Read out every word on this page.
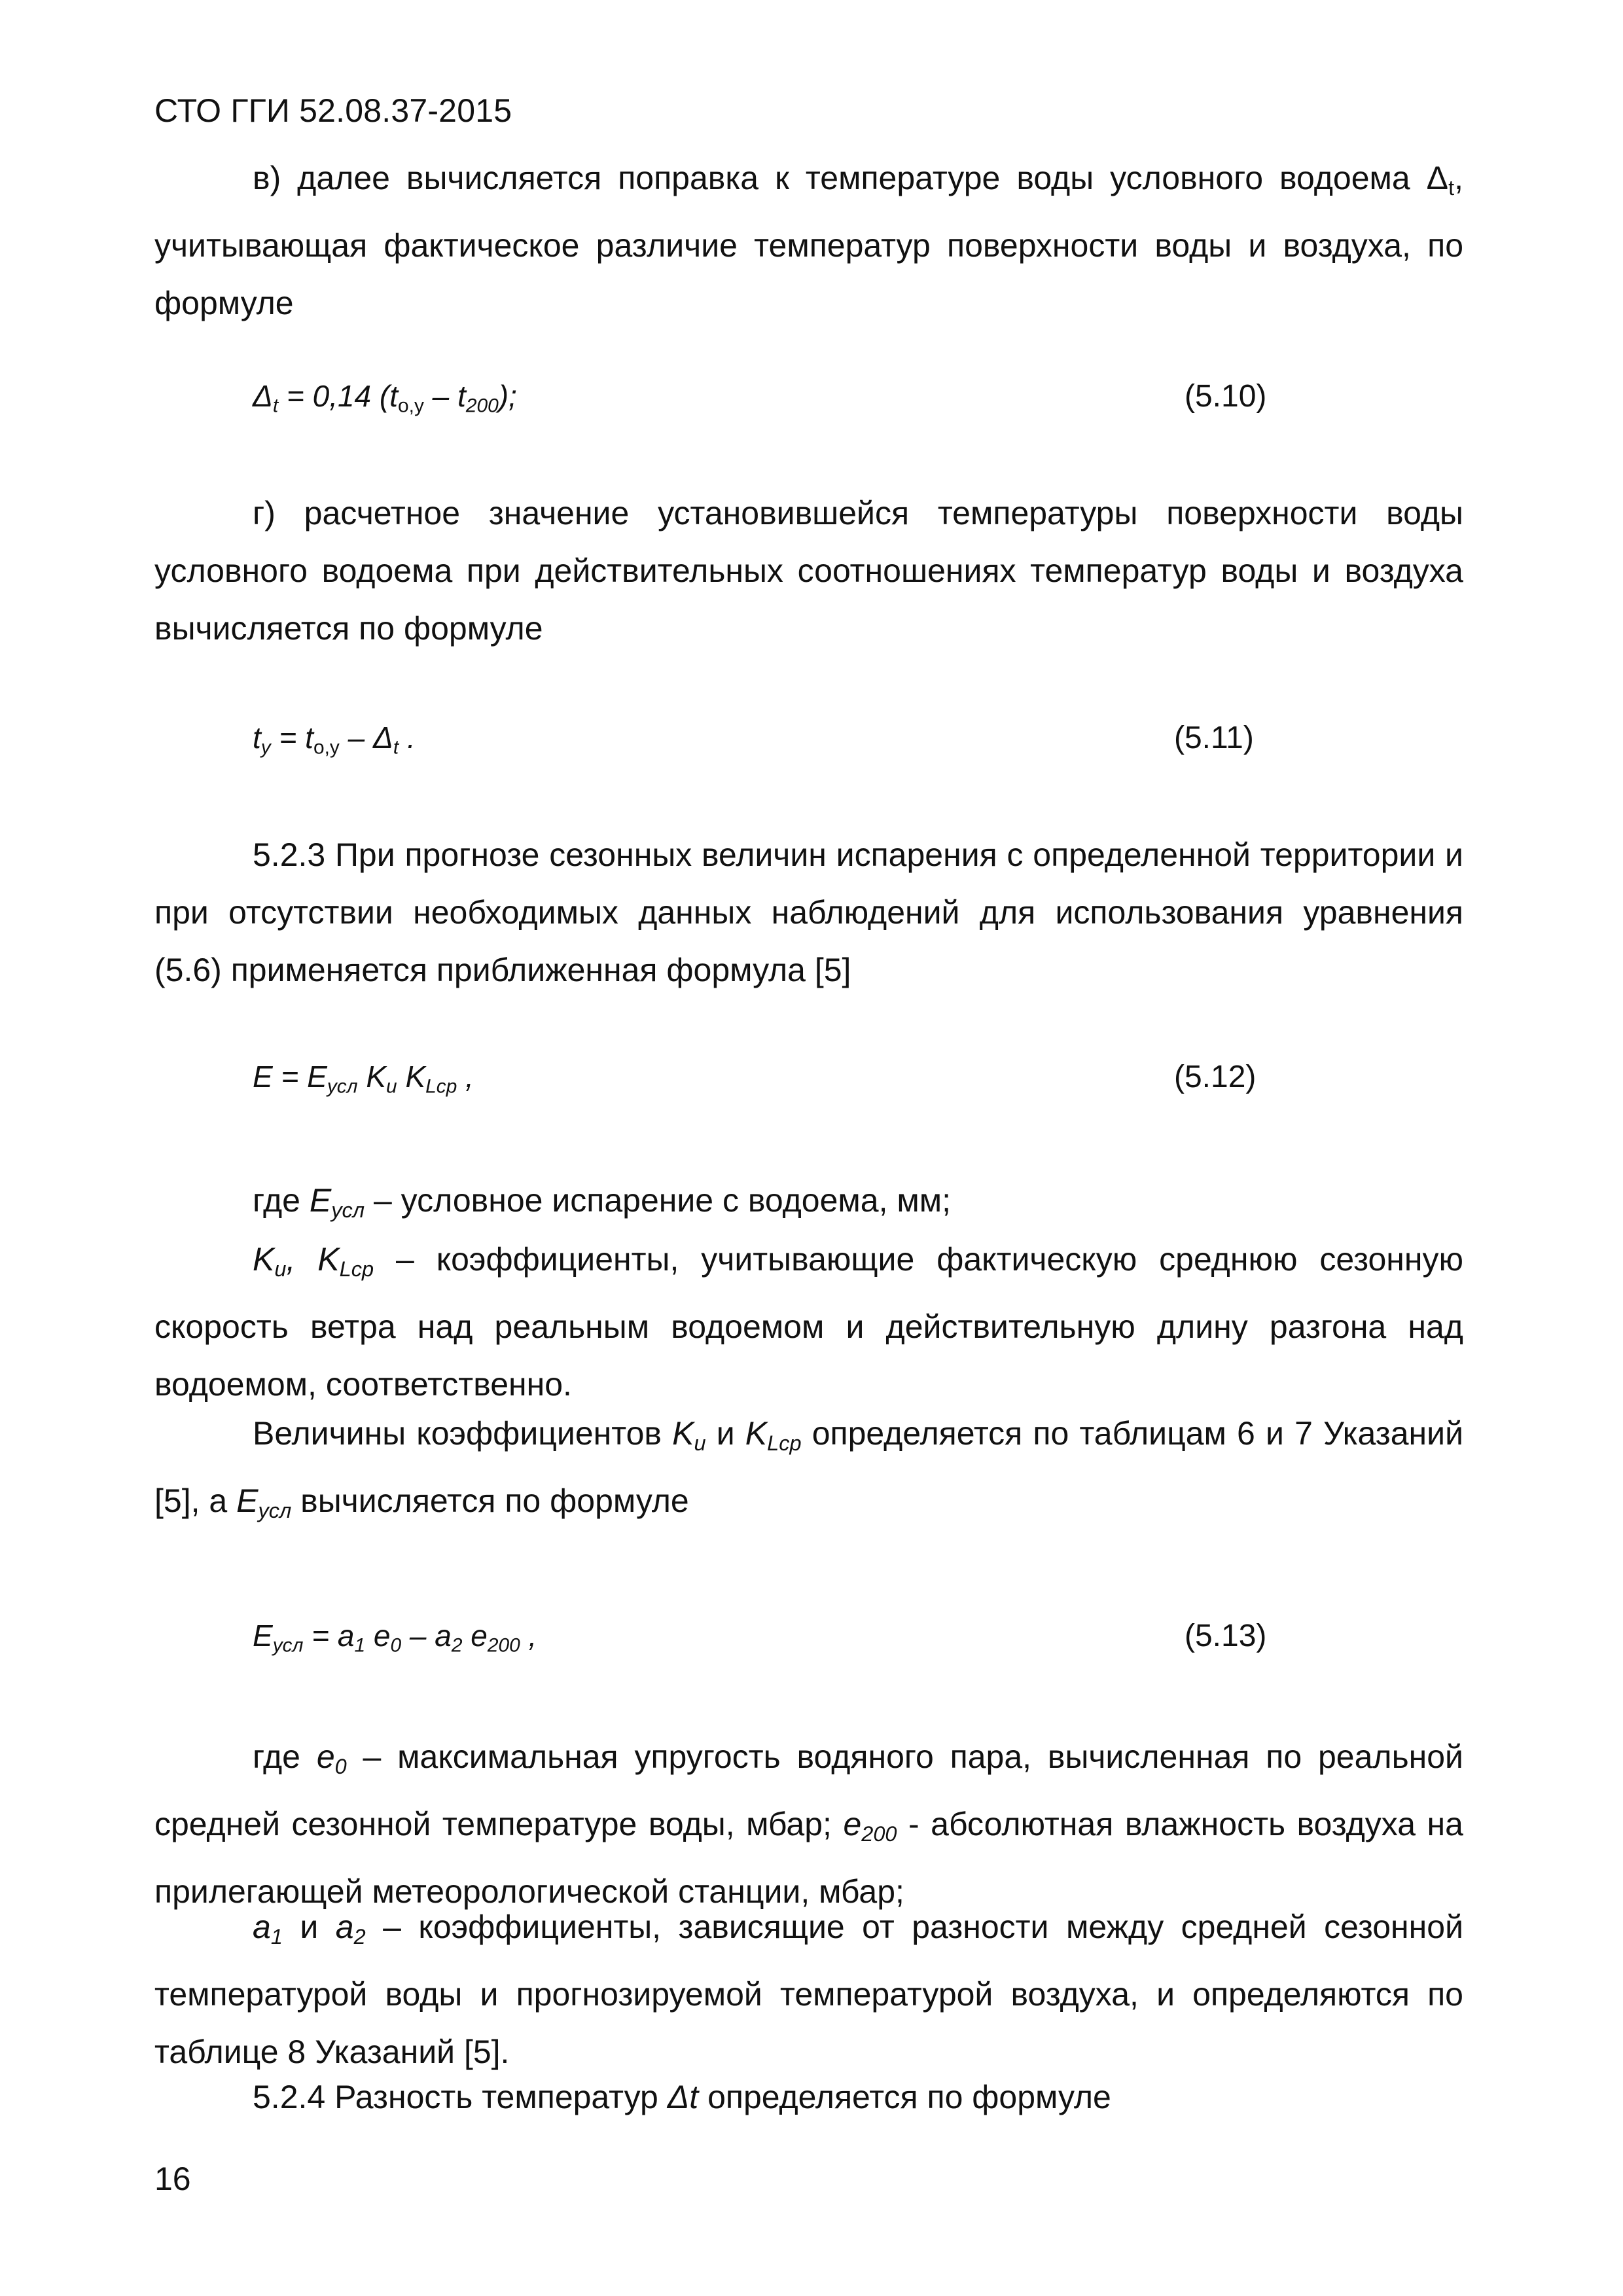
СТО ГГИ 52.08.37-2015

в) далее вычисляется поправка к температуре воды условного водоема $\Delta_t$, учитывающая фактическое различие температур поверхности воды и воздуха, по формуле

$\Delta_t = 0,14$ $(t_{о,у} - t_{200})$;	(5.10)

г) расчетное значение установившейся температуры поверхности воды условного водоема при действительных соотношениях температур воды и воздуха вычисляется по формуле

$t_у = t_{о,у} - \Delta_t$ .	(5.11)

5.2.3 При прогнозе сезонных величин испарения с определенной территории и при отсутствии необходимых данных наблюдений для использования уравнения (5.6) применяется приближенная формула [5]

$Е = Е_{усл}$ $K_u$ $K_{Lср}$ ,	(5.12)

где $Е_{усл}$ – условное испарение с водоема, мм;

$K_u$, $K_{Lср}$ – коэффициенты, учитывающие фактическую среднюю сезонную скорость ветра над реальным водоемом и действительную длину разгона над водоемом, соответственно.

Величины коэффициентов $K_u$ и $K_{Lср}$ определяется по таблицам 6 и 7 Указаний [5], а $Е_{усл}$ вычисляется по формуле

$Е_{усл} = а_1$ $е_0 - а_2$ $е_{200}$ ,	(5.13)

где $е_0$ – максимальная упругость водяного пара, вычисленная по реальной средней сезонной температуре воды, мбар; $е_{200}$ - абсолютная влажность воздуха на прилегающей метеорологической станции, мбар;

$а_1$ и $а_2$ – коэффициенты, зависящие от разности между средней сезонной температурой воды и прогнозируемой температурой воздуха, и определяются по таблице 8 Указаний [5].

5.2.4 Разность температур Δt определяется по формуле

16
